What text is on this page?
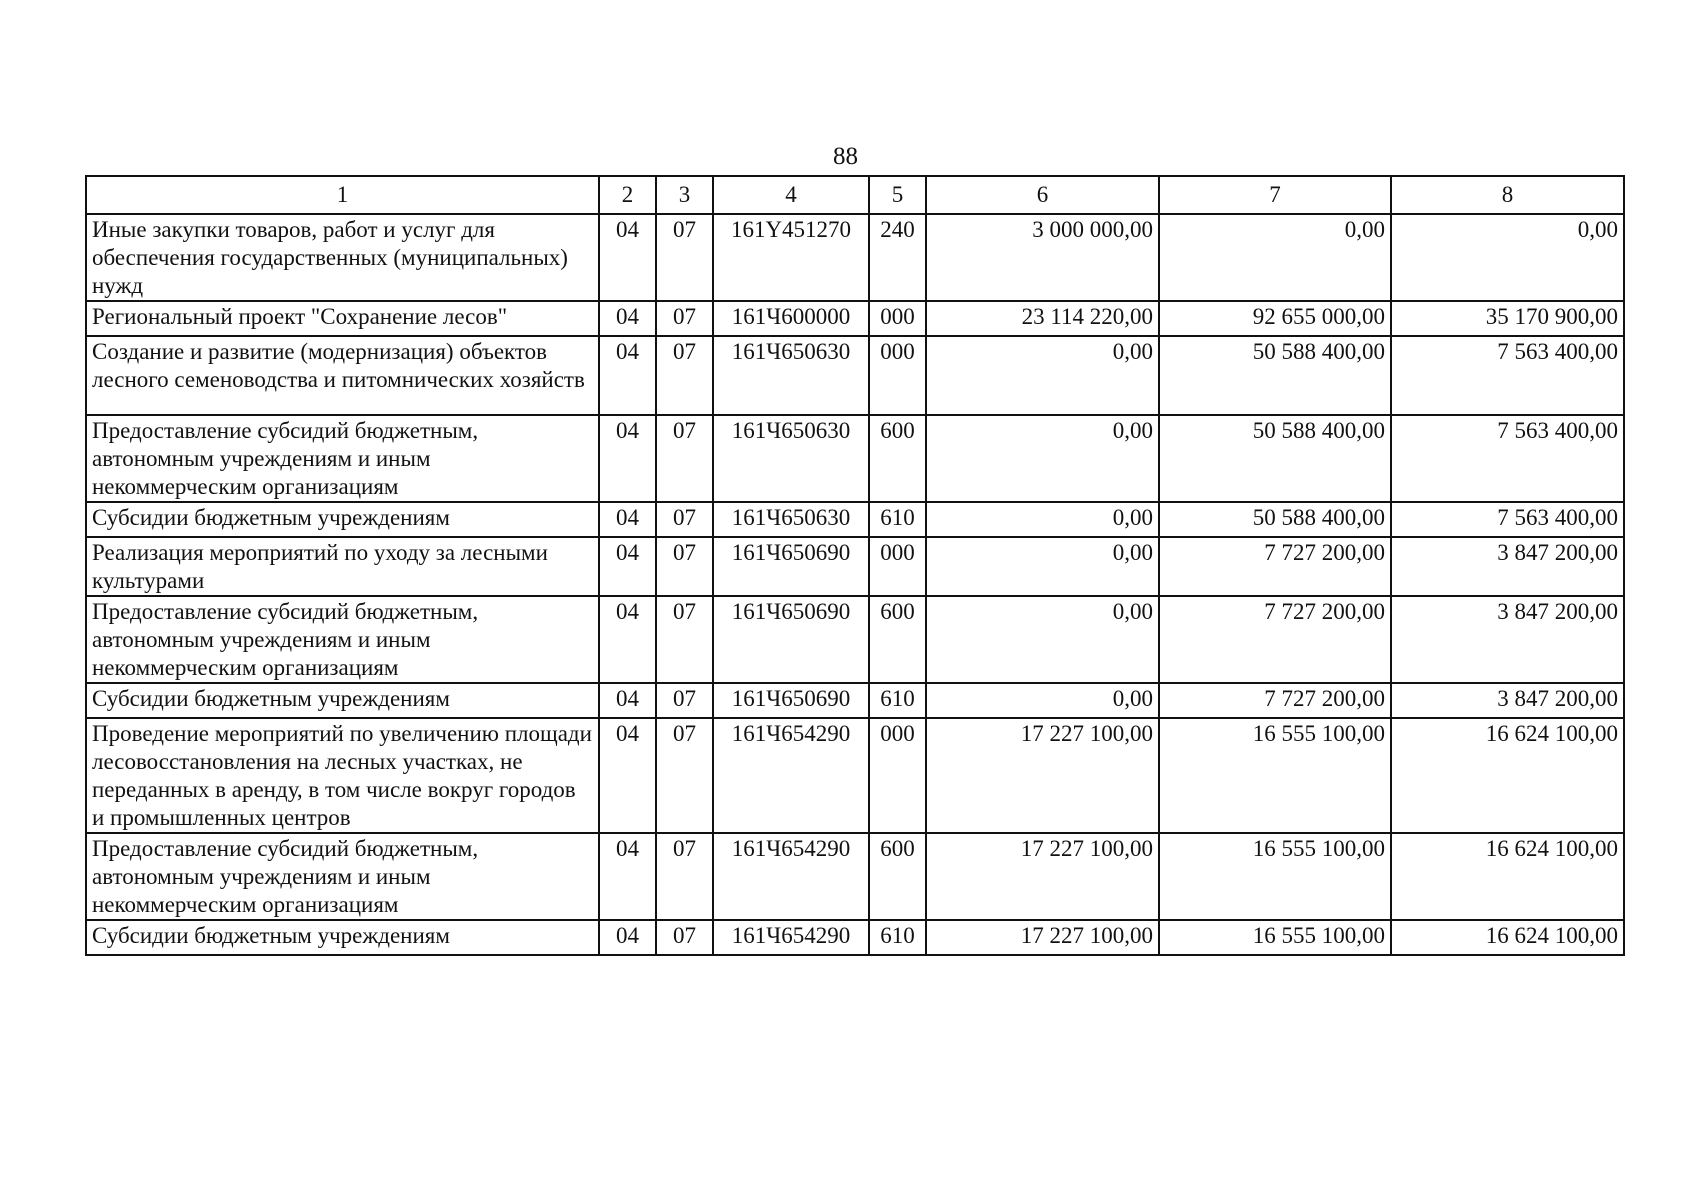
88
1	2	3	4	5	6	7	8
Иные закупки товаров, работ и услуг для обеспечения государственных (муниципальных) нужд	04	07	161Y451270	240	3 000 000,00	0,00	0,00
Региональный проект "Сохранение лесов"	04	07	161Ч600000	000	23 114 220,00	92 655 000,00	35 170 900,00
Создание и развитие (модернизация) объектов лесного семеноводства и питомнических хозяйств	04	07	161Ч650630	000	0,00	50 588 400,00	7 563 400,00
Предоставление субсидий бюджетным, автономным учреждениям и иным некоммерческим организациям	04	07	161Ч650630	600	0,00	50 588 400,00	7 563 400,00
Субсидии бюджетным учреждениям	04	07	161Ч650630	610	0,00	50 588 400,00	7 563 400,00
Реализация мероприятий по уходу за лесными культурами	04	07	161Ч650690	000	0,00	7 727 200,00	3 847 200,00
Предоставление субсидий бюджетным, автономным учреждениям и иным некоммерческим организациям	04	07	161Ч650690	600	0,00	7 727 200,00	3 847 200,00
Субсидии бюджетным учреждениям	04	07	161Ч650690	610	0,00	7 727 200,00	3 847 200,00
Проведение мероприятий по увеличению площади лесовосстановления на лесных участках, не переданных в аренду, в том числе вокруг городов и промышленных центров	04	07	161Ч654290	000	17 227 100,00	16 555 100,00	16 624 100,00
Предоставление субсидий бюджетным, автономным учреждениям и иным некоммерческим организациям	04	07	161Ч654290	600	17 227 100,00	16 555 100,00	16 624 100,00
Субсидии бюджетным учреждениям	04	07	161Ч654290	610	17 227 100,00	16 555 100,00	16 624 100,00
